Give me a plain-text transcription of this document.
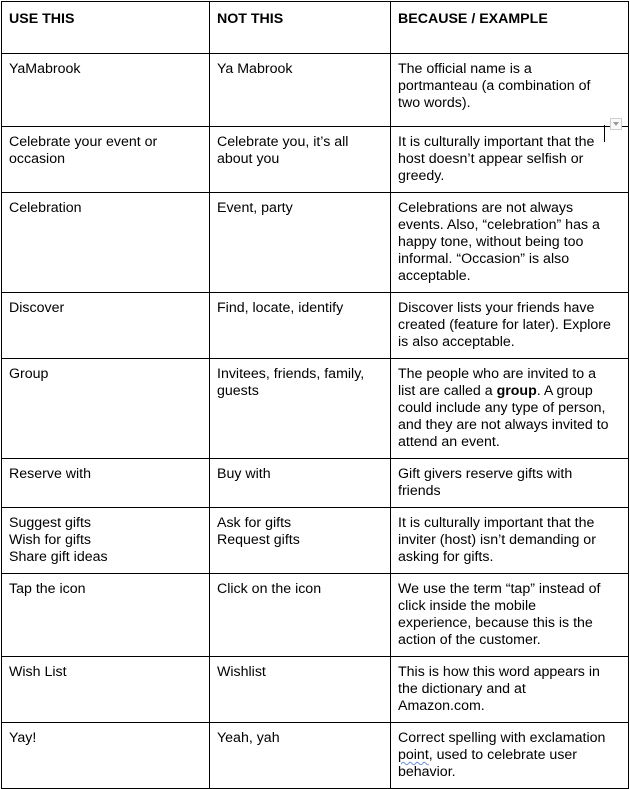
USE THIS	NOT THIS	BECAUSE / EXAMPLE

YaMabrook	Ya Mabrook	The official name is a
portmanteau (a combination of
two words).

Celebrate your event or
occasion	Celebrate you, it’s all
about you	It is culturally important that the
host doesn’t appear selfish or
greedy.

Celebration	Event, party	Celebrations are not always
events. Also, “celebration” has a
happy tone, without being too
informal. “Occasion” is also
acceptable.

Discover	Find, locate, identify	Discover lists your friends have
created (feature for later). Explore
is also acceptable.

Group	Invitees, friends, family,
guests	The people who are invited to a
list are called a group. A group
could include any type of person,
and they are not always invited to
attend an event.

Reserve with	Buy with	Gift givers reserve gifts with
friends

Suggest gifts
Wish for gifts
Share gift ideas	Ask for gifts
Request gifts	It is culturally important that the
inviter (host) isn’t demanding or
asking for gifts.

Tap the icon	Click on the icon	We use the term “tap” instead of
click inside the mobile
experience, because this is the
action of the customer.

Wish List	Wishlist	This is how this word appears in
the dictionary and at
Amazon.com.

Yay!	Yeah, yah	Correct spelling with exclamation
point, used to celebrate user
behavior.
